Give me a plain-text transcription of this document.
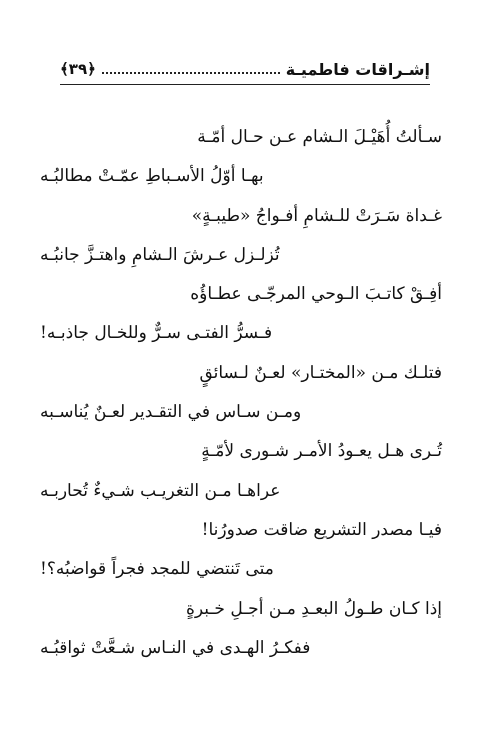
إشـراقات فاطميـة
﴿٣٩﴾
سـألتُ أُهَيْـلَ الـشام عـن حـال أمّـة
بهـا أوّلُ الأسـباطِ عمّـتْ مطالبُـه
غـداة سَـرَتْ للـشامِ أفـواجُ «طيبـةٍ»
تُزلـزل عـرشَ الـشامِ واهتـزَّ جانبُـه
أفِـقْ كاتـبَ الـوحي المرجّـى عطـاؤُه
فـسرُّ الفتـى سـرٌّ وللخـال جاذبـه!
فتلـك مـن «المختـار» لعـنٌ لـسائقٍ
ومـن سـاس في التقـدير لعـنٌ يُناسـبه
تُـرى هـل يعـودُ الأمـر شـورى لأمّـةٍ
عراهـا مـن التغريـب شـيءٌ تُحاربـه
فيـا مصدر التشريع ضاقت صدورُنا!
متى تَنتضي للمجد فجراً قواضبُه؟!
إذا كـان طـولُ البعـدِ مـن أجـلِ خـبرةٍ
ففكـرُ الهـدى في النـاس شـعَّتْ ثواقبُـه
